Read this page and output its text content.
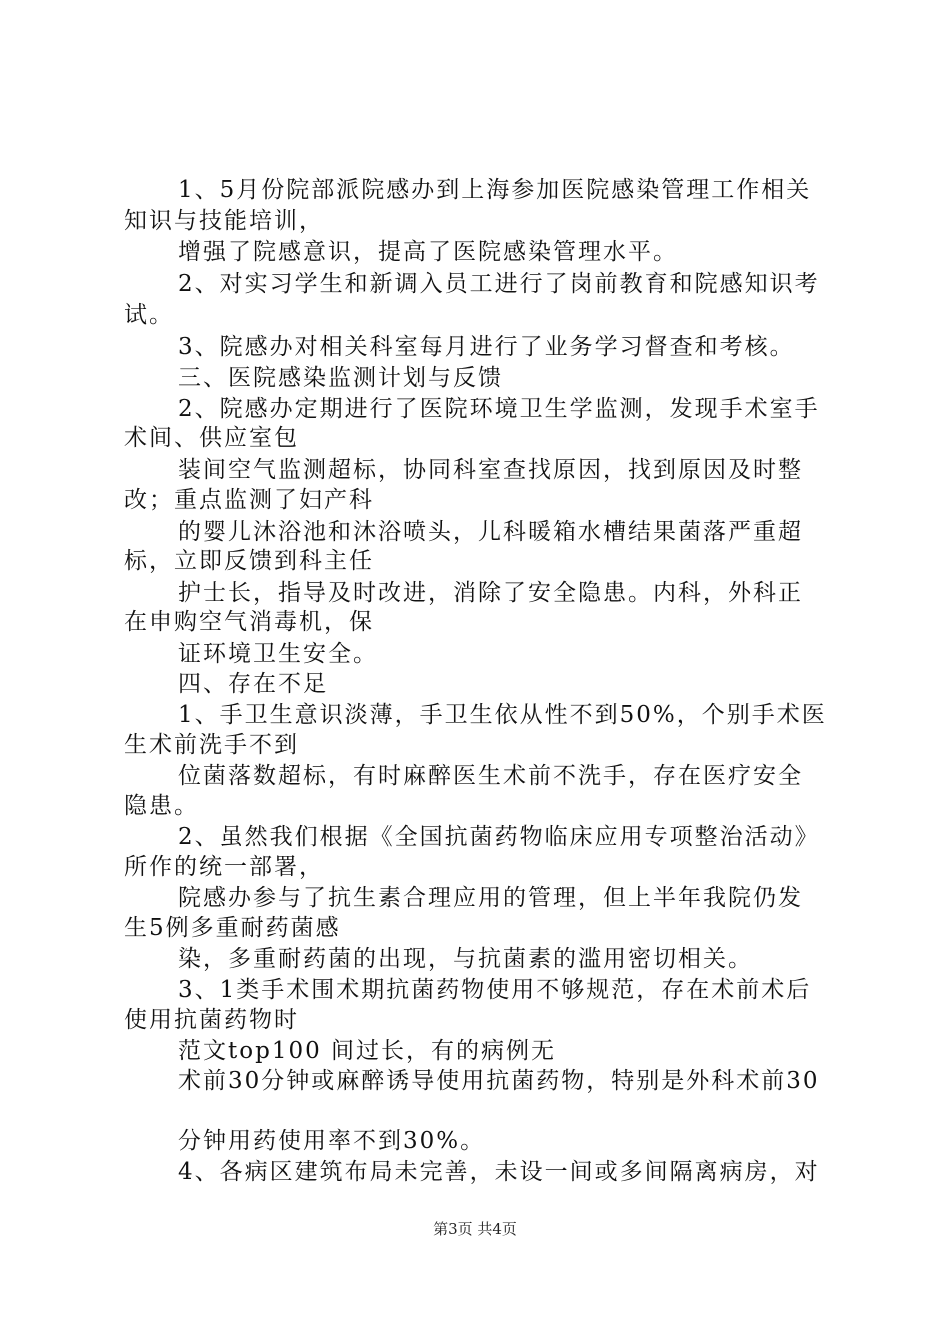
1、5月份院部派院感办到上海参加医院感染管理工作相关
知识与技能培训，
增强了院感意识，提高了医院感染管理水平。
2、对实习学生和新调入员工进行了岗前教育和院感知识考
试。
3、院感办对相关科室每月进行了业务学习督查和考核。
三、医院感染监测计划与反馈
2、院感办定期进行了医院环境卫生学监测，发现手术室手
术间、供应室包
装间空气监测超标，协同科室查找原因，找到原因及时整
改；重点监测了妇产科
的婴儿沐浴池和沐浴喷头，儿科暖箱水槽结果菌落严重超
标，立即反馈到科主任
护士长，指导及时改进，消除了安全隐患。内科，外科正
在申购空气消毒机，保
证环境卫生安全。
四、存在不足
1、手卫生意识淡薄，手卫生依从性不到50%，个别手术医
生术前洗手不到
位菌落数超标，有时麻醉医生术前不洗手，存在医疗安全
隐患。
2、虽然我们根据《全国抗菌药物临床应用专项整治活动》
所作的统一部署，
院感办参与了抗生素合理应用的管理，但上半年我院仍发
生5例多重耐药菌感
染，多重耐药菌的出现，与抗菌素的滥用密切相关。
3、1类手术围术期抗菌药物使用不够规范，存在术前术后
使用抗菌药物时
范文top100 间过长，有的病例无
术前30分钟或麻醉诱导使用抗菌药物，特别是外科术前30
分钟用药使用率不到30%。
4、各病区建筑布局未完善，未设一间或多间隔离病房，对
第3页 共4页
